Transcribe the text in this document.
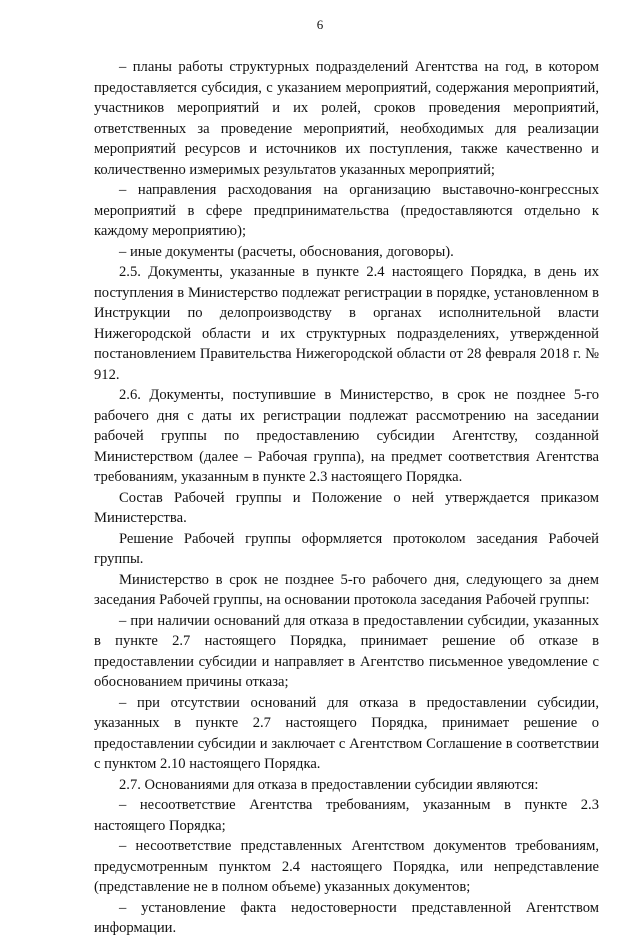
6

– планы работы структурных подразделений Агентства на год, в котором предоставляется субсидия, с указанием мероприятий, содержания мероприятий, участников мероприятий и их ролей, сроков проведения мероприятий, ответственных за проведение мероприятий, необходимых для реализации мероприятий ресурсов и источников их поступления, также качественно и количественно измеримых результатов указанных мероприятий;

– направления расходования на организацию выставочно-конгрессных мероприятий в сфере предпринимательства (предоставляются отдельно к каждому мероприятию);

– иные документы (расчеты, обоснования, договоры).

2.5. Документы, указанные в пункте 2.4 настоящего Порядка, в день их поступления в Министерство подлежат регистрации в порядке, установленном в Инструкции по делопроизводству в органах исполнительной власти Нижегородской области и их структурных подразделениях, утвержденной постановлением Правительства Нижегородской области от 28 февраля 2018 г. № 912.

2.6. Документы, поступившие в Министерство, в срок не позднее 5-го рабочего дня с даты их регистрации подлежат рассмотрению на заседании рабочей группы по предоставлению субсидии Агентству, созданной Министерством (далее – Рабочая группа), на предмет соответствия Агентства требованиям, указанным в пункте 2.3 настоящего Порядка.

Состав Рабочей группы и Положение о ней утверждается приказом Министерства.

Решение Рабочей группы оформляется протоколом заседания Рабочей группы.

Министерство в срок не позднее 5-го рабочего дня, следующего за днем заседания Рабочей группы, на основании протокола заседания Рабочей группы:

– при наличии оснований для отказа в предоставлении субсидии, указанных в пункте 2.7 настоящего Порядка, принимает решение об отказе в предоставлении субсидии и направляет в Агентство письменное уведомление с обоснованием причины отказа;

– при отсутствии оснований для отказа в предоставлении субсидии, указанных в пункте 2.7 настоящего Порядка, принимает решение о предоставлении субсидии и заключает с Агентством Соглашение в соответствии с пунктом 2.10 настоящего Порядка.

2.7. Основаниями для отказа в предоставлении субсидии являются:

– несоответствие Агентства требованиям, указанным в пункте 2.3 настоящего Порядка;

– несоответствие представленных Агентством документов требованиям, предусмотренным пунктом 2.4 настоящего Порядка, или непредставление (представление не в полном объеме) указанных документов;

– установление факта недостоверности представленной Агентством информации.
